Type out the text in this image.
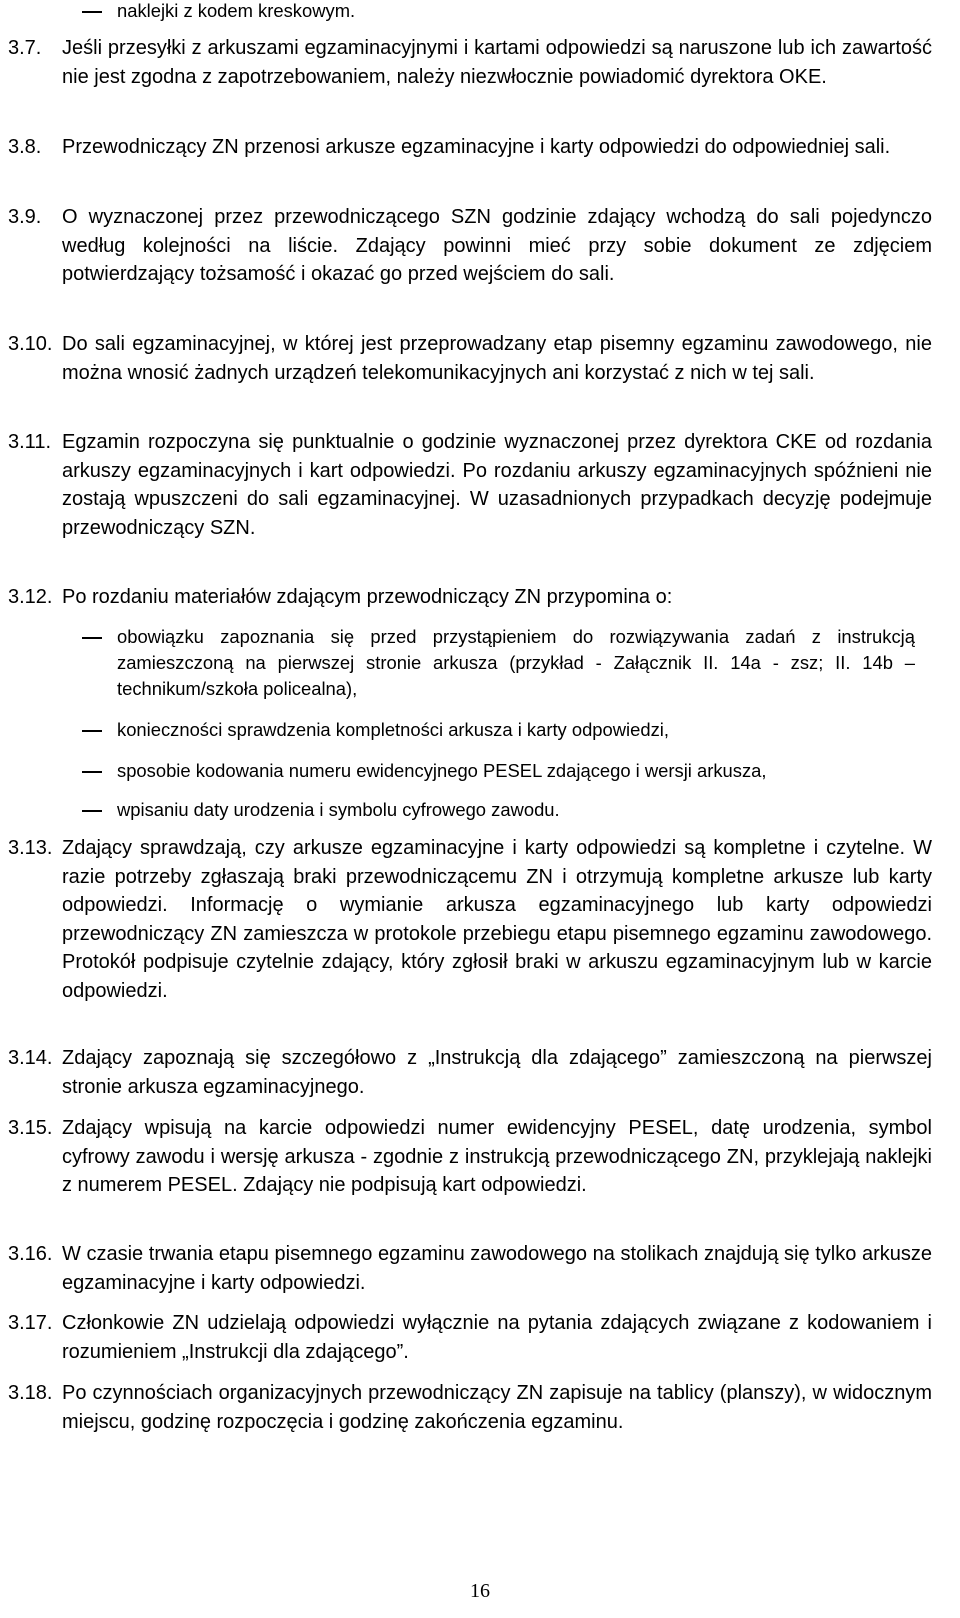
naklejki z kodem kreskowym.
3.7. Jeśli przesyłki z arkuszami egzaminacyjnymi i kartami odpowiedzi są naruszone lub ich zawartość nie jest zgodna z zapotrzebowaniem, należy niezwłocznie powiadomić dyrektora OKE.
3.8. Przewodniczący ZN przenosi arkusze egzaminacyjne i karty odpowiedzi do odpowiedniej sali.
3.9. O wyznaczonej przez przewodniczącego SZN godzinie zdający wchodzą do sali pojedynczo według kolejności na liście. Zdający powinni mieć przy sobie dokument ze zdjęciem potwierdzający tożsamość i okazać go przed wejściem do sali.
3.10. Do sali egzaminacyjnej, w której jest przeprowadzany etap pisemny egzaminu zawodowego, nie można wnosić żadnych urządzeń telekomunikacyjnych ani korzystać z nich w tej sali.
3.11. Egzamin rozpoczyna się punktualnie o godzinie wyznaczonej przez dyrektora CKE od rozdania arkuszy egzaminacyjnych i kart odpowiedzi. Po rozdaniu arkuszy egzaminacyjnych spóźnieni nie zostają wpuszczeni do sali egzaminacyjnej. W uzasadnionych przypadkach decyzję podejmuje przewodniczący SZN.
3.12. Po rozdaniu materiałów zdającym przewodniczący ZN przypomina o:
obowiązku zapoznania się przed przystąpieniem do rozwiązywania zadań z instrukcją zamieszczoną na pierwszej stronie arkusza (przykład - Załącznik II. 14a - zsz; II. 14b – technikum/szkoła policealna),
konieczności sprawdzenia kompletności arkusza i karty odpowiedzi,
sposobie kodowania numeru ewidencyjnego PESEL zdającego i wersji arkusza,
wpisaniu daty urodzenia i symbolu cyfrowego zawodu.
3.13. Zdający sprawdzają, czy arkusze egzaminacyjne i karty odpowiedzi są kompletne i czytelne. W razie potrzeby zgłaszają braki przewodniczącemu ZN i otrzymują kompletne arkusze lub karty odpowiedzi. Informację o wymianie arkusza egzaminacyjnego lub karty odpowiedzi przewodniczący ZN zamieszcza w protokole przebiegu etapu pisemnego egzaminu zawodowego. Protokół podpisuje czytelnie zdający, który zgłosił braki w arkuszu egzaminacyjnym lub w karcie odpowiedzi.
3.14. Zdający zapoznają się szczegółowo z „Instrukcją dla zdającego” zamieszczoną na pierwszej stronie arkusza egzaminacyjnego.
3.15. Zdający wpisują na karcie odpowiedzi numer ewidencyjny PESEL, datę urodzenia, symbol cyfrowy zawodu i wersję arkusza - zgodnie z instrukcją przewodniczącego ZN, przyklejają naklejki z numerem PESEL. Zdający nie podpisują kart odpowiedzi.
3.16. W czasie trwania etapu pisemnego egzaminu zawodowego na stolikach znajdują się tylko arkusze egzaminacyjne i karty odpowiedzi.
3.17. Członkowie ZN udzielają odpowiedzi wyłącznie na pytania zdających związane z kodowaniem i rozumieniem „Instrukcji dla zdającego”.
3.18. Po czynnościach organizacyjnych przewodniczący ZN zapisuje na tablicy (planszy), w widocznym miejscu, godzinę rozpoczęcia i godzinę zakończenia egzaminu.
16
